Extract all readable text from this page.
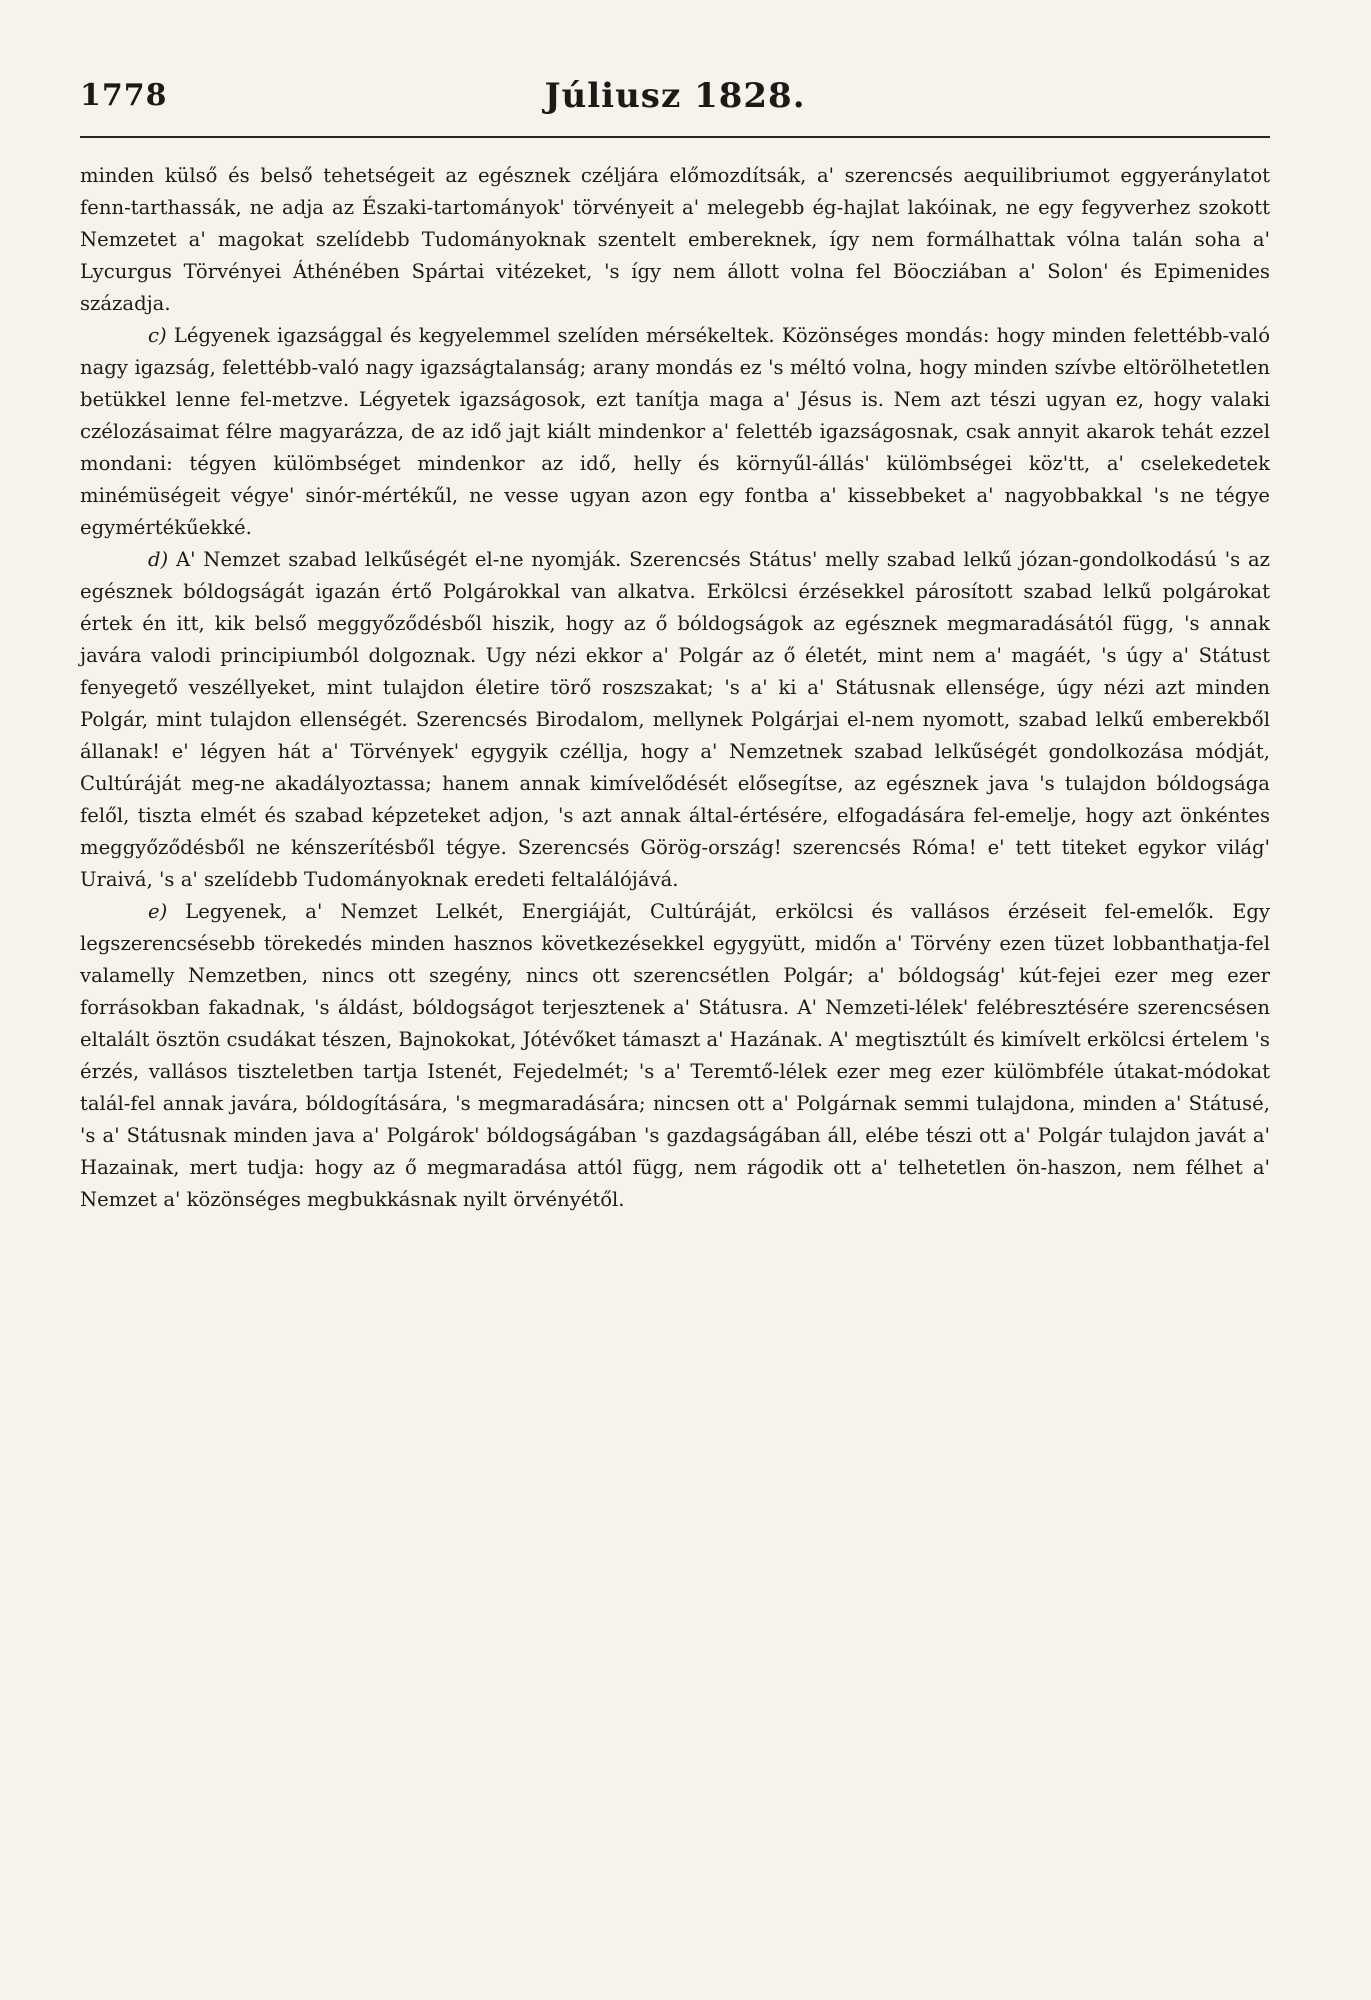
1778	Júliusz 1828.

minden külső és belső tehetségeit az egésznek czéljára előmozdítsák, a' szerencsés aequilibriumot eggyeránylatot fenn-tarthassák, ne adja az Északi-tartományok' törvényeit a' melegebb ég-hajlat lakóinak, ne egy fegyverhez szokott Nemzetet a' magokat szelídebb Tudományoknak szentelt embereknek, így nem formálhattak vólna talán soha a' Lycurgus Törvényei Áthénében Spártai vitézeket, 's így nem állott volna fel Böocziában a' Solon' és Epimenides századja.

c) Légyenek igazsággal és kegyelemmel szelíden mérsékeltek. Közönséges mondás: hogy minden felettébb-való nagy igazság, felettébb-való nagy igazságtalanság; arany mondás ez 's méltó volna, hogy minden szívbe eltörölhetetlen betükkel lenne fel-metzve. Légyetek igazságosok, ezt tanítja maga a' Jésus is. Nem azt tészi ugyan ez, hogy valaki czélozásaimat félre magyarázza, de az idő jajt kiált mindenkor a' felettéb igazságosnak, csak annyit akarok tehát ezzel mondani: tégyen külömbséget mindenkor az idő, helly és környűl-állás' külömbségei köz'tt, a' cselekedetek minémüségeit végye' sinór-mértékűl, ne vesse ugyan azon egy fontba a' kissebbeket a' nagyobbakkal 's ne tégye egymértékűekké.

d) A' Nemzet szabad lelkűségét el-ne nyomják. Szerencsés Státus' melly szabad lelkű józan-gondolkodású 's az egésznek bóldogságát igazán értő Polgárokkal van alkatva. Erkölcsi érzésekkel párosított szabad lelkű polgárokat értek én itt, kik belső meggyőződésből hiszik, hogy az ő bóldogságok az egésznek megmaradásától függ, 's annak javára valodi principiumból dolgoznak. Ugy nézi ekkor a' Polgár az ő életét, mint nem a' magáét, 's úgy a' Státust fenyegető veszéllyeket, mint tulajdon életire törő roszszakat; 's a' ki a' Státusnak ellensége, úgy nézi azt minden Polgár, mint tulajdon ellenségét. Szerencsés Birodalom, mellynek Polgárjai el-nem nyomott, szabad lelkű emberekből állanak! e' légyen hát a' Törvények' egygyik czéllja, hogy a' Nemzetnek szabad lelkűségét gondolkozása módját, Cultúráját meg-ne akadályoztassa; hanem annak kimívelődését elősegítse, az egésznek java 's tulajdon bóldogsága felől, tiszta elmét és szabad képzeteket adjon, 's azt annak által-értésére, elfogadására fel-emelje, hogy azt önkéntes meggyőződésből ne kénszerítésből tégye. Szerencsés Görög-ország! szerencsés Róma! e' tett titeket egykor világ' Uraivá, 's a' szelídebb Tudományoknak eredeti feltalálójává.

e) Legyenek, a' Nemzet Lelkét, Energiáját, Cultúráját, erkölcsi és vallásos érzéseit fel-emelők. Egy legszerencsésebb törekedés minden hasznos következésekkel egygyütt, midőn a' Törvény ezen tüzet lobbanthatja-fel valamelly Nemzetben, nincs ott szegény, nincs ott szerencsétlen Polgár; a' bóldogság' kút-fejei ezer meg ezer forrásokban fakadnak, 's áldást, bóldogságot terjesztenek a' Státusra. A' Nemzeti-lélek' felébresztésére szerencsésen eltalált ösztön csudákat tészen, Bajnokokat, Jótévőket támaszt a' Hazának. A' megtisztúlt és kimívelt erkölcsi értelem 's érzés, vallásos tiszteletben tartja Istenét, Fejedelmét; 's a' Teremtő-lélek ezer meg ezer külömbféle útakat-módokat talál-fel annak javára, bóldogítására, 's megmaradására; nincsen ott a' Polgárnak semmi tulajdona, minden a' Státusé, 's a' Státusnak minden java a' Polgárok' bóldogságában 's gazdagságában áll, elébe tészi ott a' Polgár tulajdon javát a' Hazainak, mert tudja: hogy az ő megmaradása attól függ, nem rágodik ott a' telhetetlen ön-haszon, nem félhet a' Nemzet a' közönséges megbukkásnak nyilt örvényétől.
